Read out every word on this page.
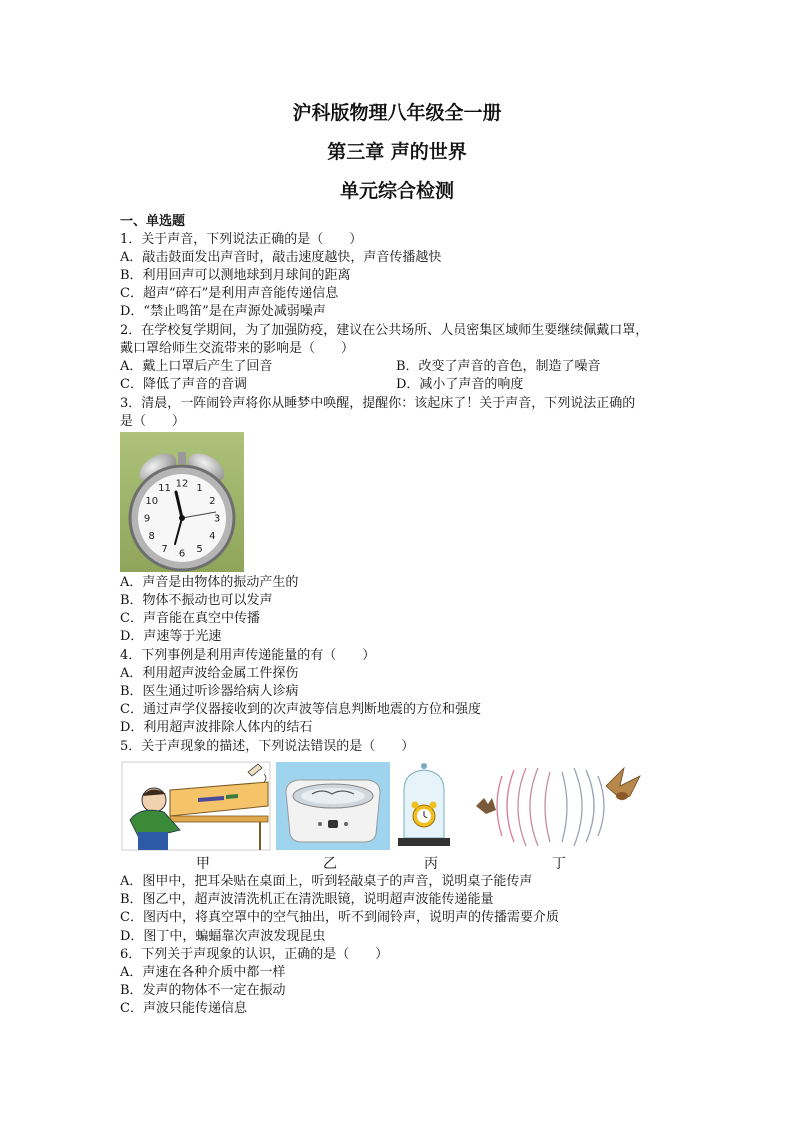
沪科版物理八年级全一册
第三章 声的世界
单元综合检测
一、单选题
1．关于声音，下列说法正确的是（　　）
A．敲击鼓面发出声音时，敲击速度越快，声音传播越快
B．利用回声可以测地球到月球间的距离
C．超声“碎石”是利用声音能传递信息
D．“禁止鸣笛”是在声源处减弱噪声
2．在学校复学期间，为了加强防疫，建议在公共场所、人员密集区域师生要继续佩戴口罩，
戴口罩给师生交流带来的影响是（　　）
A．戴上口罩后产生了回音	B．改变了声音的音色，制造了噪音
C．降低了声音的音调	D．减小了声音的响度
3．清晨，一阵闹铃声将你从睡梦中唤醒，提醒你：该起床了！关于声音，下列说法正确的
是（　　）
12 1
2
3
4
5
6
7
8
9
10
11
A．声音是由物体的振动产生的
B．物体不振动也可以发声
C．声音能在真空中传播
D．声速等于光速
4．下列事例是利用声传递能量的有（　　）
A．利用超声波给金属工件探伤
B．医生通过听诊器给病人诊病
C．通过声学仪器接收到的次声波等信息判断地震的方位和强度
D．利用超声波排除人体内的结石
5．关于声现象的描述，下列说法错误的是（　　）
甲	乙	丙	丁
A．图甲中，把耳朵贴在桌面上，听到轻敲桌子的声音，说明桌子能传声
B．图乙中，超声波清洗机正在清洗眼镜，说明超声波能传递能量
C．图丙中，将真空罩中的空气抽出，听不到闹铃声，说明声的传播需要介质
D．图丁中，蝙蝠靠次声波发现昆虫
6．下列关于声现象的认识，正确的是（　　）
A．声速在各种介质中都一样
B．发声的物体不一定在振动
C．声波只能传递信息
